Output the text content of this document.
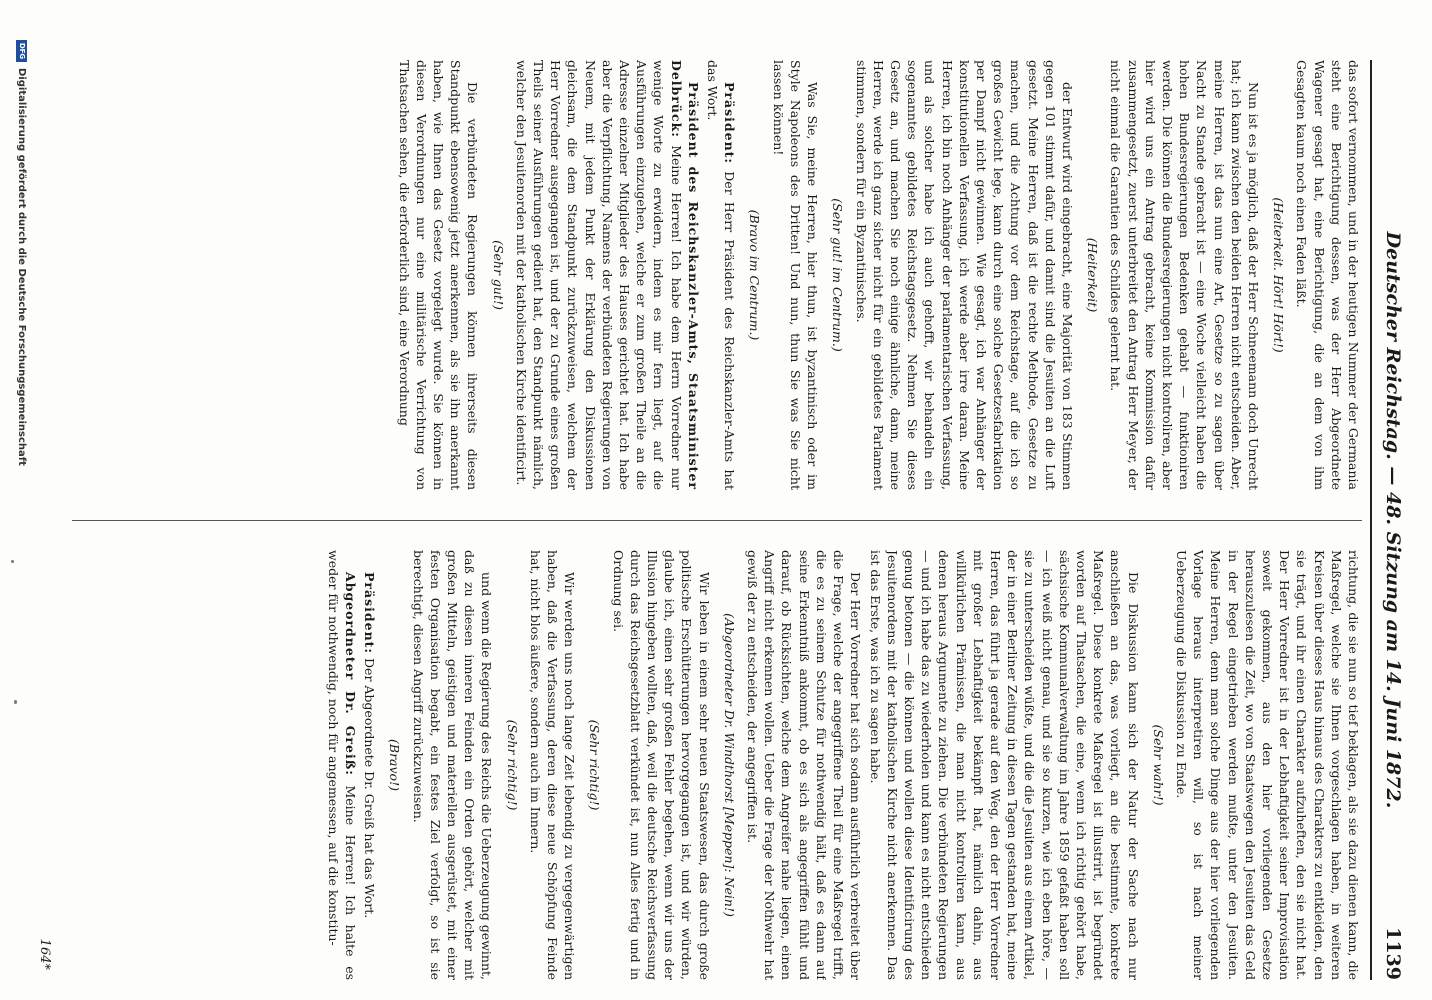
Deutscher Reichstag. — 48. Sitzung am 14. Juni 1872.
1139

das sofort vernommen, und in der heutigen Nummer der Germania steht eine Berichtigung dessen, was der Herr Abgeordnete Wagener gesagt hat, eine Berichtigung, die an dem von ihm Gesagten kaum noch einen Faden läßt.

(Heiterkeit. Hört! Hört!)

Nun ist es ja möglich, daß der Herr Schneemann doch Unrecht hat; ich kann zwischen den beiden Herren nicht entscheiden. Aber, meine Herren, ist das nun eine Art, Gesetze so zu sagen über Nacht zu Stande gebracht ist — eine Woche vielleicht haben die hohen Bundesregierungen Bedenken gehabt — funktioniren werden. Die können die Bundesregierungen nicht kontroliren, aber hier wird uns ein Antrag gebracht, keine Kommission dafür zusammengesetzt, zuerst unterbreitet den Antrag Herr Meyer, der nicht einmal die Garantien des Schildes gelernt hat.

(Heiterkeit)

der Entwurf wird eingebracht, eine Majorität von 183 Stimmen gegen 101 stimmt dafür, und damit sind die Jesuiten an die Luft gesetzt. Meine Herren, daß ist die rechte Methode, Gesetze zu machen, und die Achtung vor dem Reichstage, auf die ich so großes Gewicht lege, kann durch eine solche Gesetzesfabrikation per Dampf nicht gewinnen. Wie gesagt, ich war Anhänger der konstitutionellen Verfassung, ich werde aber irre daran. Meine Herren, ich bin noch Anhänger der parlamentarischen Verfassung, und als solcher habe ich auch gehofft, wir behandeln ein sogenanntes gebildetes Reichstagsgesetz. Nehmen Sie dieses Gesetz an, und machen Sie noch einige ähnliche, dann, meine Herren, werde ich ganz sicher nicht für ein gebildetes Parlament stimmen, sondern für ein Byzantinisches.

(Sehr gut! im Centrum.)

Was Sie, meine Herren, hier thun, ist byzantinisch oder im Style Napoleons des Dritten! Und nun, thun Sie was Sie nicht lassen können!

(Bravo im Centrum.)

Präsident: Der Herr Präsident des Reichskanzler-Amts hat das Wort.

Präsident des Reichskanzler-Amts, Staatsminister Delbrück: Meine Herren! Ich habe dem Herrn Vorredner nur wenige Worte zu erwidern, indem es mir fern liegt, auf die Ausführungen einzugehen, welche er zum großen Theile an die Adresse einzelner Mitglieder des Hauses gerichtet hat. Ich habe aber die Verpflichtung, Namens der verbündeten Regierungen von Neuem, mit jedem Punkt der Erklärung den Diskussionen gleichsam, die dem Standpunkt zurückzuweisen, welchem der Herr Vorredner ausgegangen ist, und der zu Grunde eines großen Theils seiner Ausführungen gedient hat, den Standpunkt nämlich, welcher den Jesuitenorden mit der katholischen Kirche identificirt.

(Sehr gut!)

Die verbündeten Regierungen können ihrerseits diesen Standpunkt ebensowenig jetzt anerkennen, als sie ihn anerkannt haben, wie Ihnen das Gesetz vorgelegt wurde. Sie können in diesen Verordnungen nur eine militärische Verrichtung von Thatsachen sehen, die erforderlich sind, eine Verordnung

richtung, die sie nun so tief beklagen, als sie dazu dienen kann, die Maßregel, welche sie Ihnen vorgeschlagen haben, in weiteren Kreisen über dieses Haus hinaus des Charakters zu entkleiden, den sie trägt, und ihr einen Charakter aufzuheften, den sie nicht hat. Der Herr Vorredner ist in der Lebhaftigkeit seiner Improvisation soweit gekommen, aus den hier vorliegenden Gesetze herauszulesen die Zeit, wo von Staatswegen den Jesuiten das Geld in der Regel eingetrieben werden mußte, unter den Jesuiten. Meine Herren, denn man solche Dinge aus der hier vorliegenden Vorlage heraus interpretiren will, so ist nach meiner Ueberzeugung die Diskussion zu Ende.

(Sehr wahr!)

Die Diskussion kann sich der Natur der Sache nach nur anschließen an das, was vorliegt, an die bestimmte, konkrete Maßregel. Diese konkrete Maßregel ist illustrirt, ist begründet worden auf Thatsachen, die eine, wenn ich richtig gehört habe, sächsische Kommunalverwaltung im Jahre 1859 gefaßt haben soll — ich weiß nicht genau, und sie so kurzen, wie ich eben höre, — sie zu unterscheiden wüßte, und die die Jesuiten aus einem Artikel, der in einer Berliner Zeitung in diesen Tagen gestanden hat, meine Herren, das führt ja gerade auf den Weg, den der Herr Vorredner mit großer Lebhaftigkeit bekämpft hat, nämlich dahin, aus willkürlichen Prämissen, die man nicht kontroliren kann, aus denen heraus Argumente zu ziehen. Die verbündeten Regierungen — und ich habe das zu wiederholen und kann es nicht entschieden genug betonen — die können und wollen diese Identificirung des Jesuitenordens mit der katholischen Kirche nicht anerkennen. Das ist das Erste, was ich zu sagen habe.

Der Herr Vorredner hat sich sodann ausführlich verbreitet über die Frage, welche der angegriffene Theil für eine Maßregel trifft, die es zu seinem Schutze für nothwendig hält, daß es dann auf seine Erkenntniß ankommt, ob es sich als angegriffen fühlt und darauf, ob Rücksichten, welche dem Angreifer nahe liegen, einen Angriff nicht erkennen wollen. Ueber die Frage der Nothwehr hat gewiß der zu entscheiden, der angegriffen ist.

(Abgeordneter Dr. Windthorst [Meppen]: Nein!)

Wir leben in einem sehr neuen Staatswesen, das durch große politische Erschütterungen hervorgegangen ist, und wir würden, glaube ich, einen sehr großen Fehler begehen, wenn wir uns der Illusion hingeben wollten, daß, weil die deutsche Reichsverfassung durch das Reichsgesetzblatt verkündet ist, nun Alles fertig und in Ordnung sei.

(Sehr richtig!)

Wir werden uns noch lange Zeit lebendig zu vergegenwärtigen haben, daß die Verfassung, deren diese neue Schöpfung Feinde hat, nicht blos äußere, sondern auch im Innern.

(Sehr richtig!)

und wenn die Regierung des Reichs die Ueberzeugung gewinnt, daß zu diesen inneren Feinden ein Orden gehört, welcher mit großen Mitteln, geistigen und materiellen ausgerüstet, mit einer festen Organisation begabt, ein festes Ziel verfolgt, so ist sie berechtigt, diesen Angriff zurückzuweisen.

(Bravo!)

Präsident: Der Abgeordnete Dr. Greiß hat das Wort.

Abgeordneter Dr. Greiß: Meine Herren! Ich halte es weder für nothwendig, noch für angemessen, auf die konstitu-

164*
DFG
Digitalisierung gefördert durch die Deutsche Forschungsgemeinschaft
